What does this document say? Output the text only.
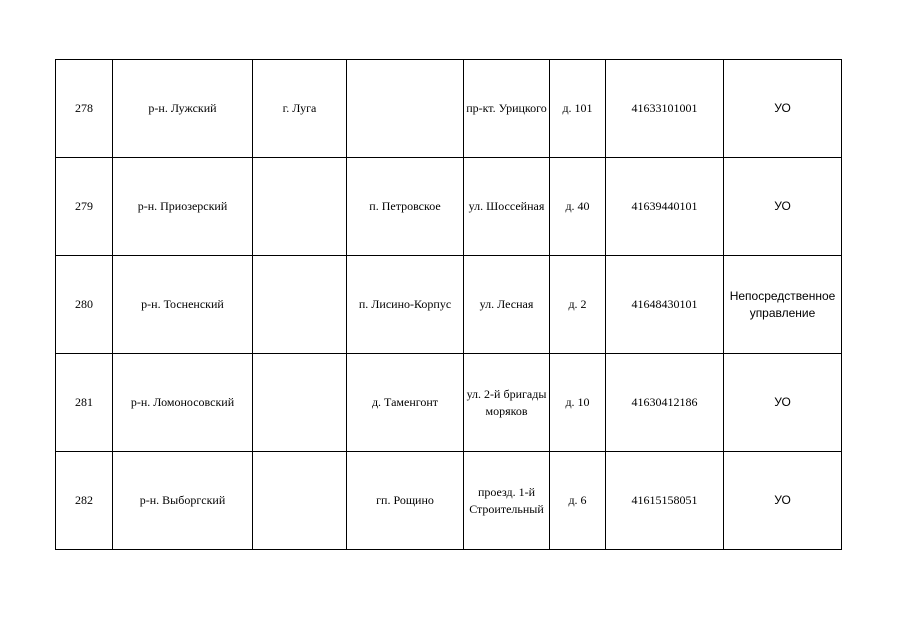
278	р-н. Лужский	г. Луга		пр-кт. Урицкого	д. 101	41633101001	УО
279	р-н. Приозерский		п. Петровское	ул. Шоссейная	д. 40	41639440101	УО
280	р-н. Тосненский		п. Лисино-Корпус	ул. Лесная	д. 2	41648430101	Непосредственное управление
281	р-н. Ломоносовский		д. Таменгонт	ул. 2-й бригады моряков	д. 10	41630412186	УО
282	р-н. Выборгский		гп. Рощино	проезд. 1-й Строительный	д. 6	41615158051	УО
